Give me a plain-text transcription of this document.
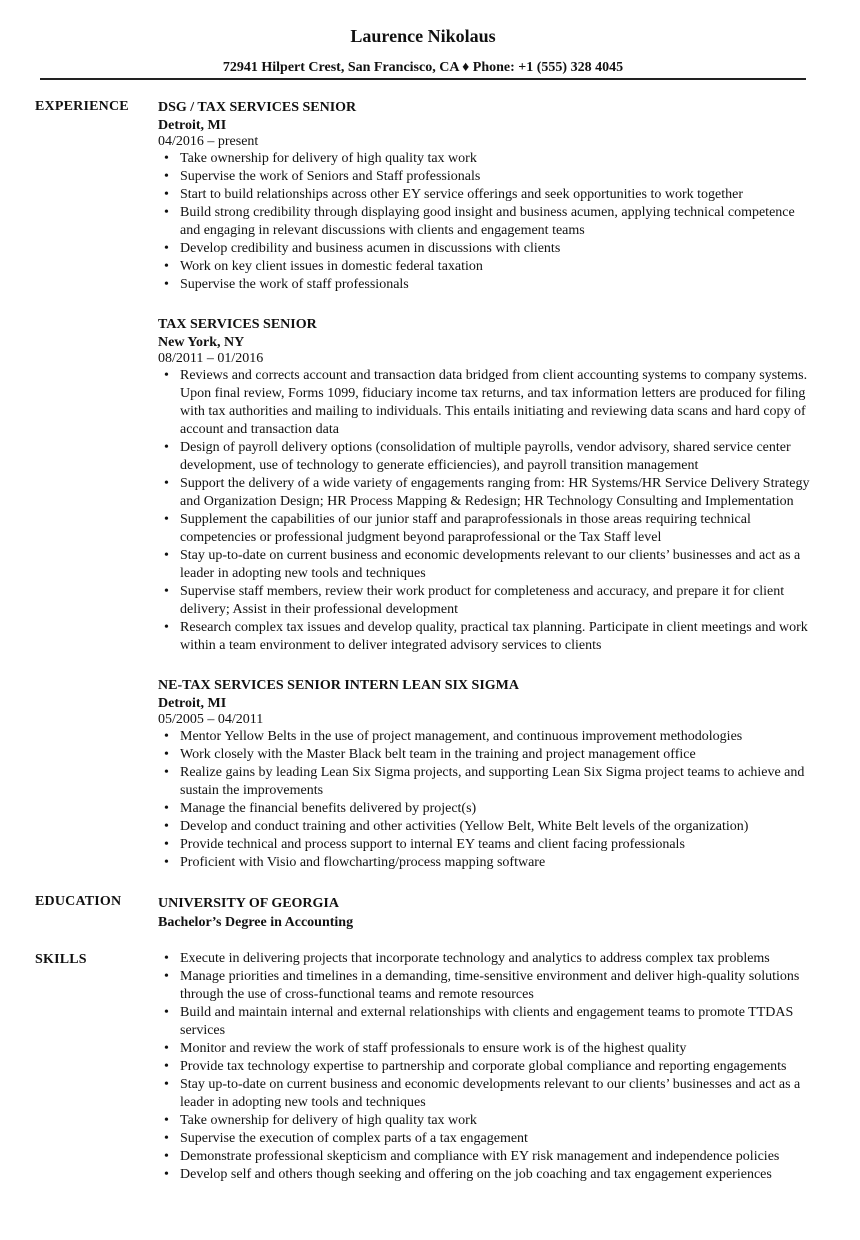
Laurence Nikolaus
72941 Hilpert Crest, San Francisco, CA ♦ Phone: +1 (555) 328 4045
EXPERIENCE DSG / TAX SERVICES SENIOR
Detroit, MI
04/2016 – present
• Take ownership for delivery of high quality tax work
• Supervise the work of Seniors and Staff professionals
• Start to build relationships across other EY service offerings and seek opportunities to work together
• Build strong credibility through displaying good insight and business acumen, applying technical competence and engaging in relevant discussions with clients and engagement teams
• Develop credibility and business acumen in discussions with clients
• Work on key client issues in domestic federal taxation
• Supervise the work of staff professionals
TAX SERVICES SENIOR
New York, NY
08/2011 – 01/2016
• Reviews and corrects account and transaction data bridged from client accounting systems to company systems. Upon final review, Forms 1099, fiduciary income tax returns, and tax information letters are produced for filing with tax authorities and mailing to individuals. This entails initiating and reviewing data scans and hard copy of account and transaction data
• Design of payroll delivery options (consolidation of multiple payrolls, vendor advisory, shared service center development, use of technology to generate efficiencies), and payroll transition management
• Support the delivery of a wide variety of engagements ranging from: HR Systems/HR Service Delivery Strategy and Organization Design; HR Process Mapping & Redesign; HR Technology Consulting and Implementation
• Supplement the capabilities of our junior staff and paraprofessionals in those areas requiring technical competencies or professional judgment beyond paraprofessional or the Tax Staff level
• Stay up-to-date on current business and economic developments relevant to our clients’ businesses and act as a leader in adopting new tools and techniques
• Supervise staff members, review their work product for completeness and accuracy, and prepare it for client delivery; Assist in their professional development
• Research complex tax issues and develop quality, practical tax planning. Participate in client meetings and work within a team environment to deliver integrated advisory services to clients
NE-TAX SERVICES SENIOR INTERN LEAN SIX SIGMA
Detroit, MI
05/2005 – 04/2011
• Mentor Yellow Belts in the use of project management, and continuous improvement methodologies
• Work closely with the Master Black belt team in the training and project management office
• Realize gains by leading Lean Six Sigma projects, and supporting Lean Six Sigma project teams to achieve and sustain the improvements
• Manage the financial benefits delivered by project(s)
• Develop and conduct training and other activities (Yellow Belt, White Belt levels of the organization)
• Provide technical and process support to internal EY teams and client facing professionals
• Proficient with Visio and flowcharting/process mapping software
EDUCATION	UNIVERSITY OF GEORGIA
Bachelor’s Degree in Accounting
SKILLS
•	Execute in delivering projects that incorporate technology and analytics to address complex tax problems
• Manage priorities and timelines in a demanding, time-sensitive environment and deliver high-quality solutions through the use of cross-functional teams and remote resources
• Build and maintain internal and external relationships with clients and engagement teams to promote TTDAS services
• Monitor and review the work of staff professionals to ensure work is of the highest quality
• Provide tax technology expertise to partnership and corporate global compliance and reporting engagements
• Stay up-to-date on current business and economic developments relevant to our clients’ businesses and act as a leader in adopting new tools and techniques
• Take ownership for delivery of high quality tax work
• Supervise the execution of complex parts of a tax engagement
• Demonstrate professional skepticism and compliance with EY risk management and independence policies
• Develop self and others though seeking and offering on the job coaching and tax engagement experiences
